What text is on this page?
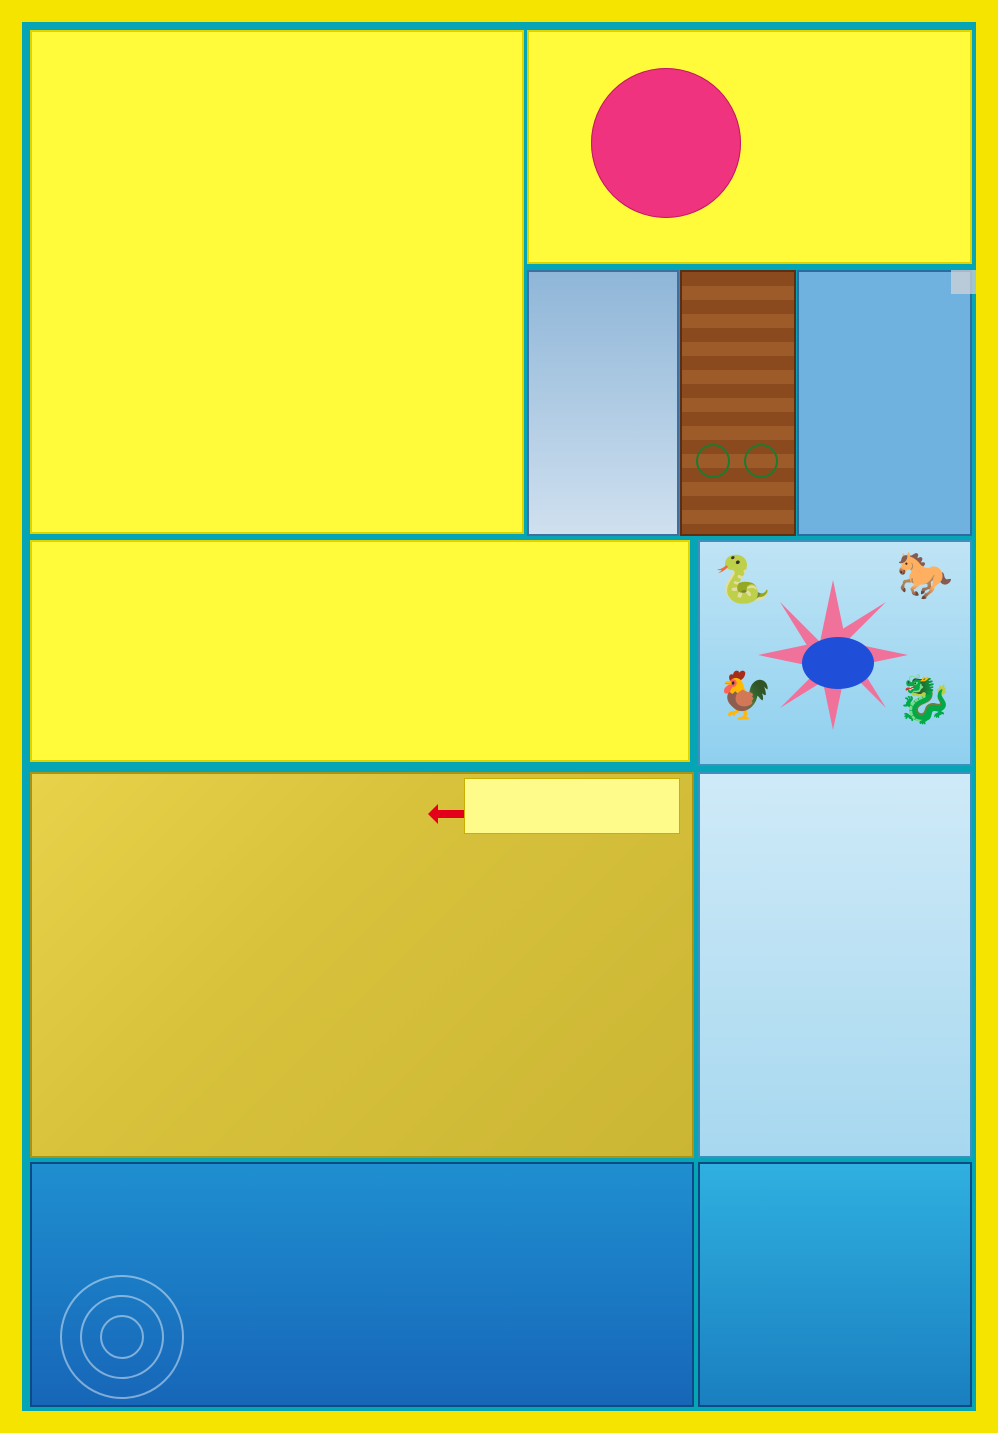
🐍	🐎
🐓	🐉
